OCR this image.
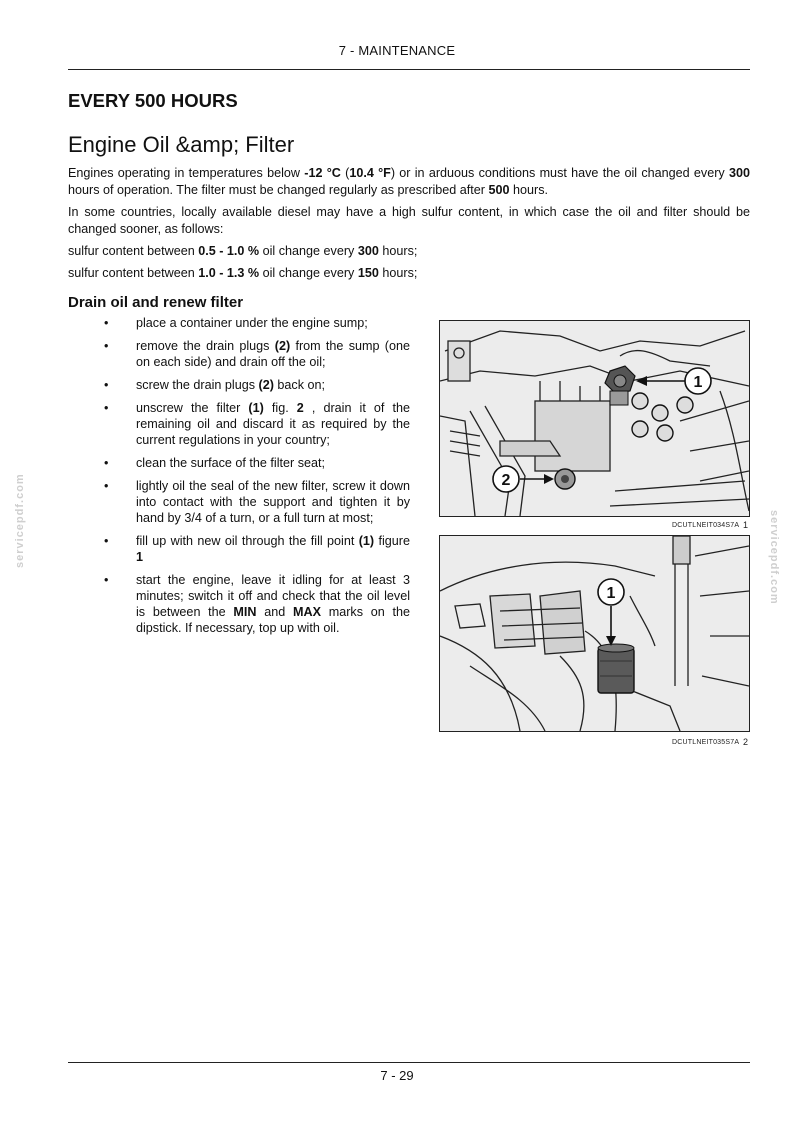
7 - MAINTENANCE
EVERY 500 HOURS
Engine Oil &amp; Filter

Engines operating in temperatures below -12 °C (10.4 °F) or in arduous conditions must have the oil changed every 300 hours of operation. The filter must be changed regularly as prescribed after 500 hours.

In some countries, locally available diesel may have a high sulfur content, in which case the oil and filter should be changed sooner, as follows:

sulfur content between 0.5 - 1.0 % oil change every 300 hours;

sulfur content between 1.0 - 1.3 % oil change every 150 hours;

Drain oil and renew filter
• place a container under the engine sump;
• remove the drain plugs (2) from the sump (one on each side) and drain off the oil;
• screw the drain plugs (2) back on;
• unscrew the filter (1) fig. 2 , drain it of the remaining oil and discard it as required by the current regulations in your country;
• clean the surface of the filter seat;
• lightly oil the seal of the new filter, screw it down into contact with the support and tighten it by hand by 3/4 of a turn, or a full turn at most;
• fill up with new oil through the fill point (1) figure 1
• start the engine, leave it idling for at least 3 minutes; switch it off and check that the oil level is between the MIN and MAX marks on the dipstick. If necessary, top up with oil.
1
2
DCUTLNEIT034S7A 1
1
DCUTLNEIT035S7A 2
servicepdf.com	servicepdf.com
7 - 29
